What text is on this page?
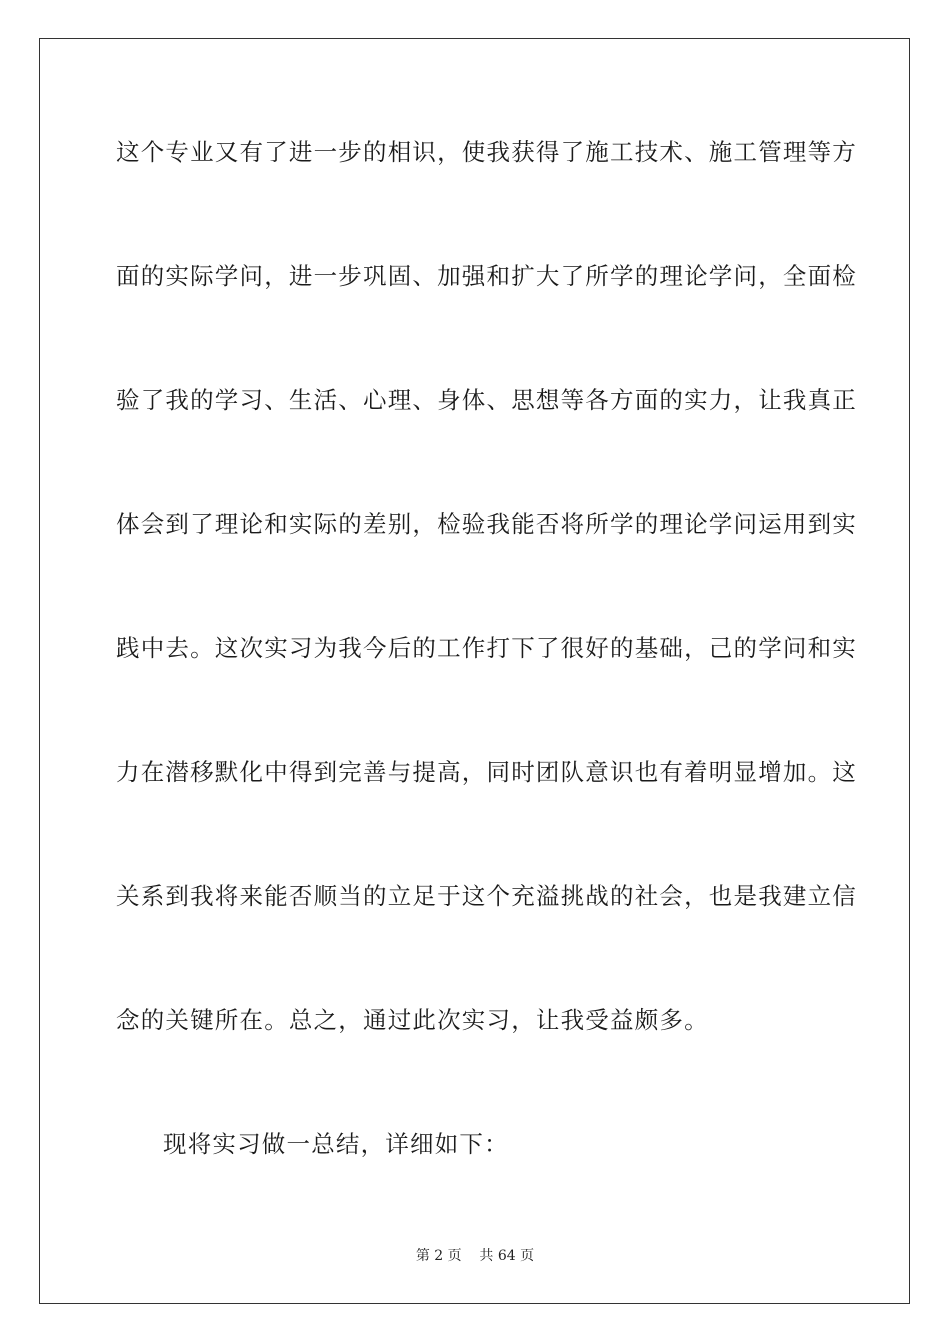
这个专业又有了进一步的相识，使我获得了施工技术、施工管理等方
面的实际学问，进一步巩固、加强和扩大了所学的理论学问，全面检
验了我的学习、生活、心理、身体、思想等各方面的实力，让我真正
体会到了理论和实际的差别，检验我能否将所学的理论学问运用到实
践中去。这次实习为我今后的工作打下了很好的基础，己的学问和实
力在潜移默化中得到完善与提高，同时团队意识也有着明显增加。这
关系到我将来能否顺当的立足于这个充溢挑战的社会，也是我建立信
念的关键所在。总之，通过此次实习，让我受益颇多。
现将实习做一总结，详细如下：
第 2 页    共 64 页
